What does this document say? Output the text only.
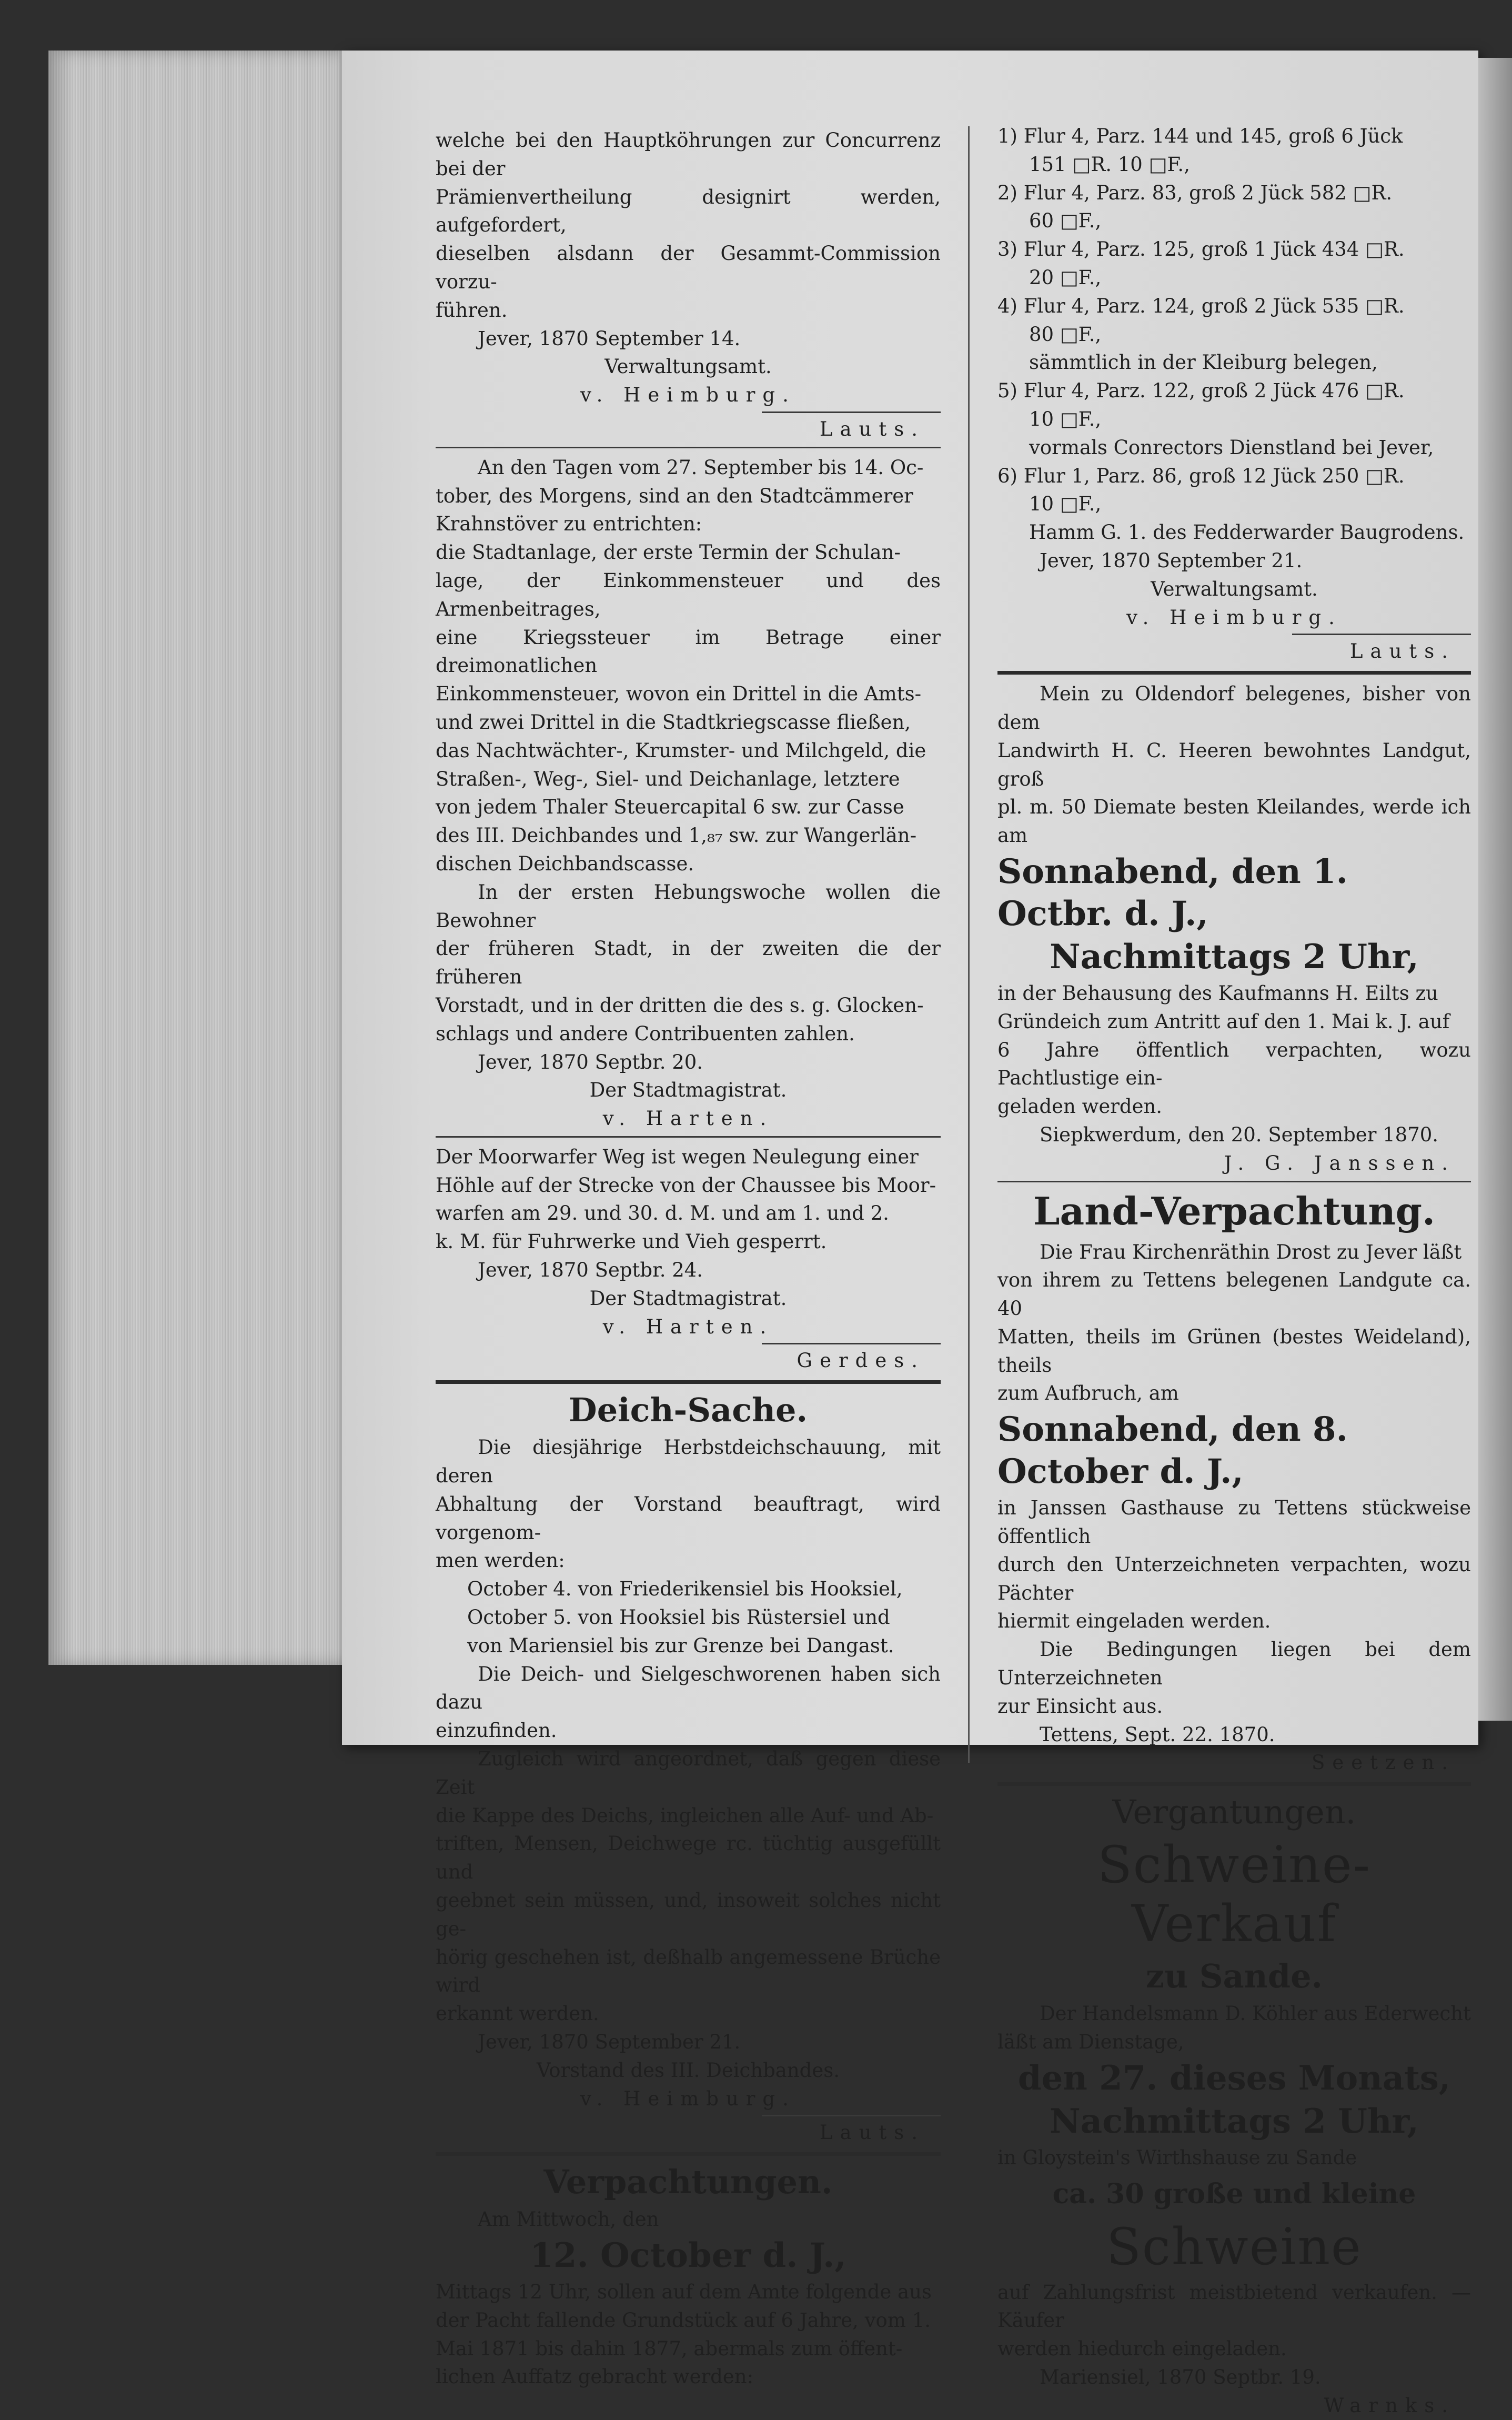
welche bei den Hauptköhrungen zur Concurrenz bei der

Prämienvertheilung designirt werden, aufgefordert,

dieselben alsdann der Gesammt-Commission vorzu-

führen.

Jever, 1870 September 14.

Verwaltungsamt.

v. Heimburg.

Lauts.

An den Tagen vom 27. September bis 14. Oc-

tober, des Morgens, sind an den Stadtcämmerer

Krahnstöver zu entrichten:

die Stadtanlage, der erste Termin der Schulan-

lage, der Einkommensteuer und des Armenbeitrages,

eine Kriegssteuer im Betrage einer dreimonatlichen

Einkommensteuer, wovon ein Drittel in die Amts-

und zwei Drittel in die Stadtkriegscasse fließen,

das Nachtwächter-, Krumster- und Milchgeld, die

Straßen-, Weg-, Siel- und Deichanlage, letztere

von jedem Thaler Steuercapital 6 sw. zur Casse

des III. Deichbandes und 1,₈₇ sw. zur Wangerlän-

dischen Deichbandscasse.

In der ersten Hebungswoche wollen die Bewohner

der früheren Stadt, in der zweiten die der früheren

Vorstadt, und in der dritten die des s. g. Glocken-

schlags und andere Contribuenten zahlen.

Jever, 1870 Septbr. 20.

Der Stadtmagistrat.

v. Harten.

Der Moorwarfer Weg ist wegen Neulegung einer

Höhle auf der Strecke von der Chaussee bis Moor-

warfen am 29. und 30. d. M. und am 1. und 2.

k. M. für Fuhrwerke und Vieh gesperrt.

Jever, 1870 Septbr. 24.

Der Stadtmagistrat.

v. Harten.

Gerdes.

Deich-Sache.

Die diesjährige Herbstdeichschauung, mit deren

Abhaltung der Vorstand beauftragt, wird vorgenom-

men werden:

October 4. von Friederikensiel bis Hooksiel,

October 5. von Hooksiel bis Rüstersiel und

von Mariensiel bis zur Grenze bei Dangast.

Die Deich- und Sielgeschworenen haben sich dazu

einzufinden.

Zugleich wird angeordnet, daß gegen diese Zeit

die Kappe des Deichs, ingleichen alle Auf- und Ab-

triften, Mensen, Deichwege rc. tüchtig ausgefüllt und

geebnet sein müssen, und, insoweit solches nicht ge-

hörig geschehen ist, deßhalb angemessene Brüche wird

erkannt werden.

Jever, 1870 September 21.

Vorstand des III. Deichbandes.

v. Heimburg.

Lauts.

Verpachtungen.

Am Mittwoch, den

12. October d. J.,

Mittags 12 Uhr, sollen auf dem Amte folgende aus

der Pacht fallende Grundstück auf 6 Jahre, vom 1.

Mai 1871 bis dahin 1877, abermals zum öffent-

lichen Auffatz gebracht werden:

1) Flur 4, Parz. 144 und 145, groß 6 Jück

151 □R. 10 □F.,

2) Flur 4, Parz. 83, groß 2 Jück 582 □R.

60 □F.,

3) Flur 4, Parz. 125, groß 1 Jück 434 □R.

20 □F.,

4) Flur 4, Parz. 124, groß 2 Jück 535 □R.

80 □F.,

sämmtlich in der Kleiburg belegen,

5) Flur 4, Parz. 122, groß 2 Jück 476 □R.

10 □F.,

vormals Conrectors Dienstland bei Jever,

6) Flur 1, Parz. 86, groß 12 Jück 250 □R.

10 □F.,

Hamm G. 1. des Fedderwarder Baugrodens.

Jever, 1870 September 21.

Verwaltungsamt.

v. Heimburg.

Lauts.

Mein zu Oldendorf belegenes, bisher von dem

Landwirth H. C. Heeren bewohntes Landgut, groß

pl. m. 50 Diemate besten Kleilandes, werde ich am

Sonnabend, den 1. Octbr. d. J.,

Nachmittags 2 Uhr,

in der Behausung des Kaufmanns H. Eilts zu

Gründeich zum Antritt auf den 1. Mai k. J. auf

6 Jahre öffentlich verpachten, wozu Pachtlustige ein-

geladen werden.

Siepkwerdum, den 20. September 1870.

J. G. Janssen.

Land-Verpachtung.

Die Frau Kirchenräthin Drost zu Jever läßt

von ihrem zu Tettens belegenen Landgute ca. 40

Matten, theils im Grünen (bestes Weideland), theils

zum Aufbruch, am

Sonnabend, den 8. October d. J.,

in Janssen Gasthause zu Tettens stückweise öffentlich

durch den Unterzeichneten verpachten, wozu Pächter

hiermit eingeladen werden.

Die Bedingungen liegen bei dem Unterzeichneten

zur Einsicht aus.

Tettens, Sept. 22. 1870.

Seetzen.

Vergantungen.

Schweine-Verkauf

zu Sande.

Der Handelsmann D. Köhler aus Ederwecht

läßt am Dienstage,

den 27. dieses Monats,

Nachmittags 2 Uhr,

in Gloystein's Wirthshause zu Sande

ca. 30 große und kleine

Schweine

auf Zahlungsfrist meistbietend verkaufen. — Käufer

werden hiedurch eingeladen.

Mariensiel, 1870 Septbr. 19.

Warnks.
